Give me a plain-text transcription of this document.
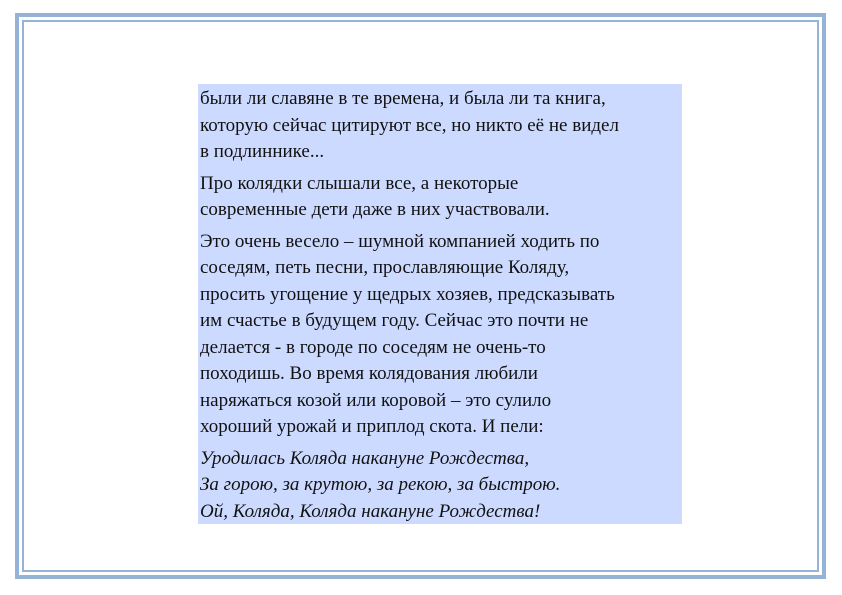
были ли славяне в те времена, и была ли та книга,
которую сейчас цитируют все, но никто её не видел
в подлиннике...

Про колядки слышали все, а некоторые
современные дети даже в них участвовали.

Это очень весело – шумной компанией ходить по
соседям, петь песни, прославляющие Коляду,
просить угощение у щедрых хозяев, предсказывать
им счастье в будущем году. Сейчас это почти не
делается - в городе по соседям не очень-то
походишь. Во время колядования любили
наряжаться козой или коровой – это сулило
хороший урожай и приплод скота. И пели:

Уродилась Коляда накануне Рождества,
За горою, за крутою, за рекою, за быстрою.
Ой, Коляда, Коляда накануне Рождества!
